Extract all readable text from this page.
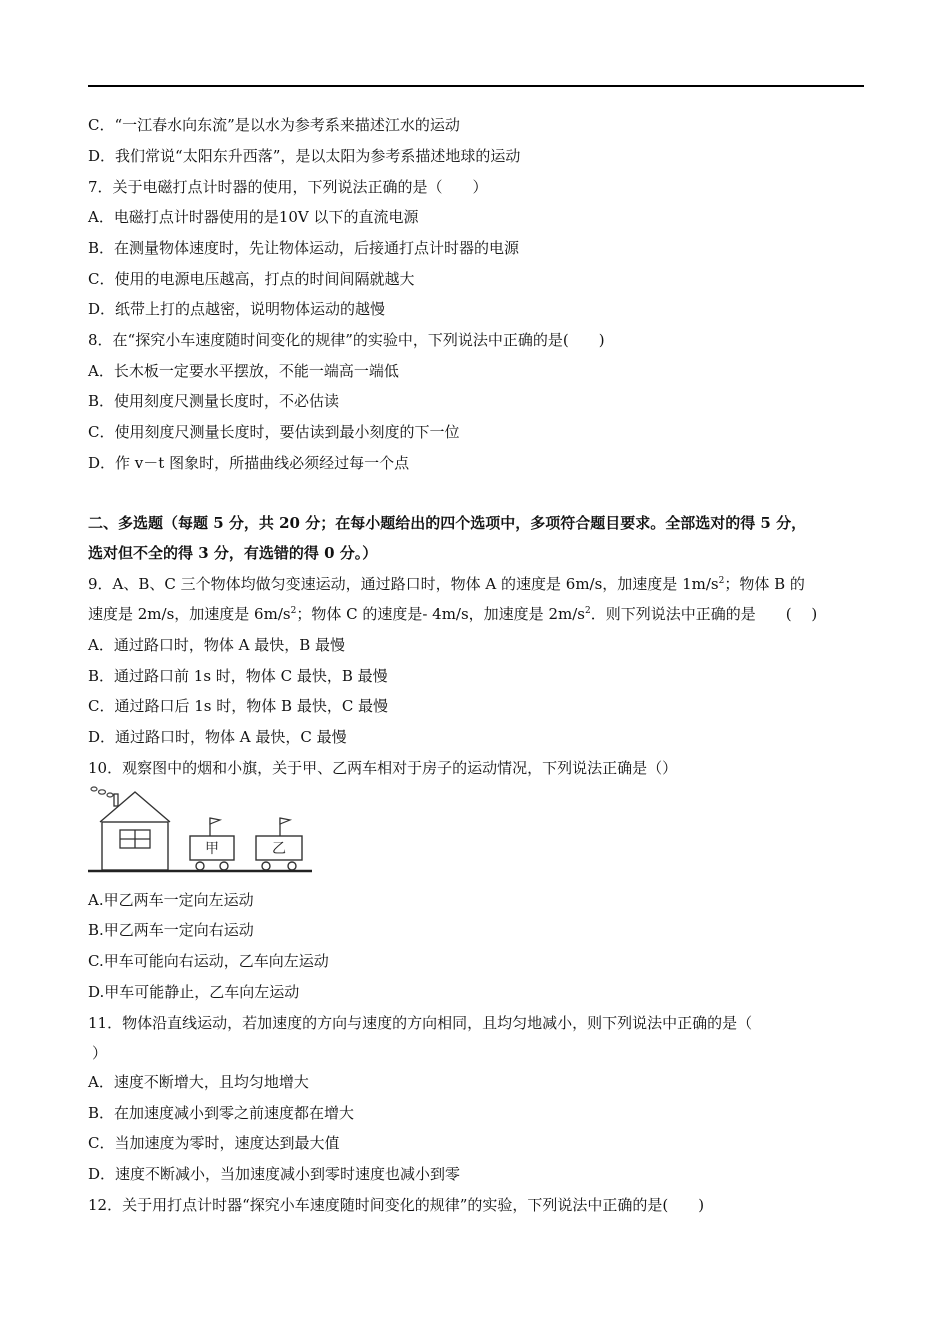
C．“一江春水向东流”是以水为参考系来描述江水的运动
D．我们常说“太阳东升西落”，是以太阳为参考系描述地球的运动
7．关于电磁打点计时器的使用，下列说法正确的是（　　）
A．电磁打点计时器使用的是10V 以下的直流电源
B．在测量物体速度时，先让物体运动，后接通打点计时器的电源
C．使用的电源电压越高，打点的时间间隔就越大
D．纸带上打的点越密，说明物体运动的越慢
8．在“探究小车速度随时间变化的规律”的实验中，下列说法中正确的是(　　)
A．长木板一定要水平摆放，不能一端高一端低
B．使用刻度尺测量长度时，不必估读
C．使用刻度尺测量长度时，要估读到最小刻度的下一位
D．作 v－t 图象时，所描曲线必须经过每一个点
二、多选题（每题 5 分，共 20 分；在每小题给出的四个选项中，多项符合题目要求。全部选对的得 5 分，
选对但不全的得 3 分，有选错的得 0 分。）
9．A、B、C 三个物体均做匀变速运动，通过路口时，物体 A 的速度是 6m/s，加速度是 $1m/s^2$；物体 B 的
速度是 2m/s，加速度是 $6m/s^2$；物体 C 的速度是- 4m/s，加速度是 $2m/s^2$．则下列说法中正确的是　　(　 )
A．通过路口时，物体 A 最快，B 最慢
B．通过路口前 1s 时，物体 C 最快，B 最慢
C．通过路口后 1s 时，物体 B 最快，C 最慢
D．通过路口时，物体 A 最快，C 最慢
10．观察图中的烟和小旗，关于甲、乙两车相对于房子的运动情况，下列说法正确是（）
甲	乙
A.甲乙两车一定向左运动
B.甲乙两车一定向右运动
C.甲车可能向右运动，乙车向左运动
D.甲车可能静止，乙车向左运动
11．物体沿直线运动，若加速度的方向与速度的方向相同，且均匀地减小，则下列说法中正确的是（
）
A．速度不断增大，且均匀地增大
B．在加速度减小到零之前速度都在增大
C．当加速度为零时，速度达到最大值
D．速度不断减小，当加速度减小到零时速度也减小到零
12．关于用打点计时器“探究小车速度随时间变化的规律”的实验，下列说法中正确的是(　　)
